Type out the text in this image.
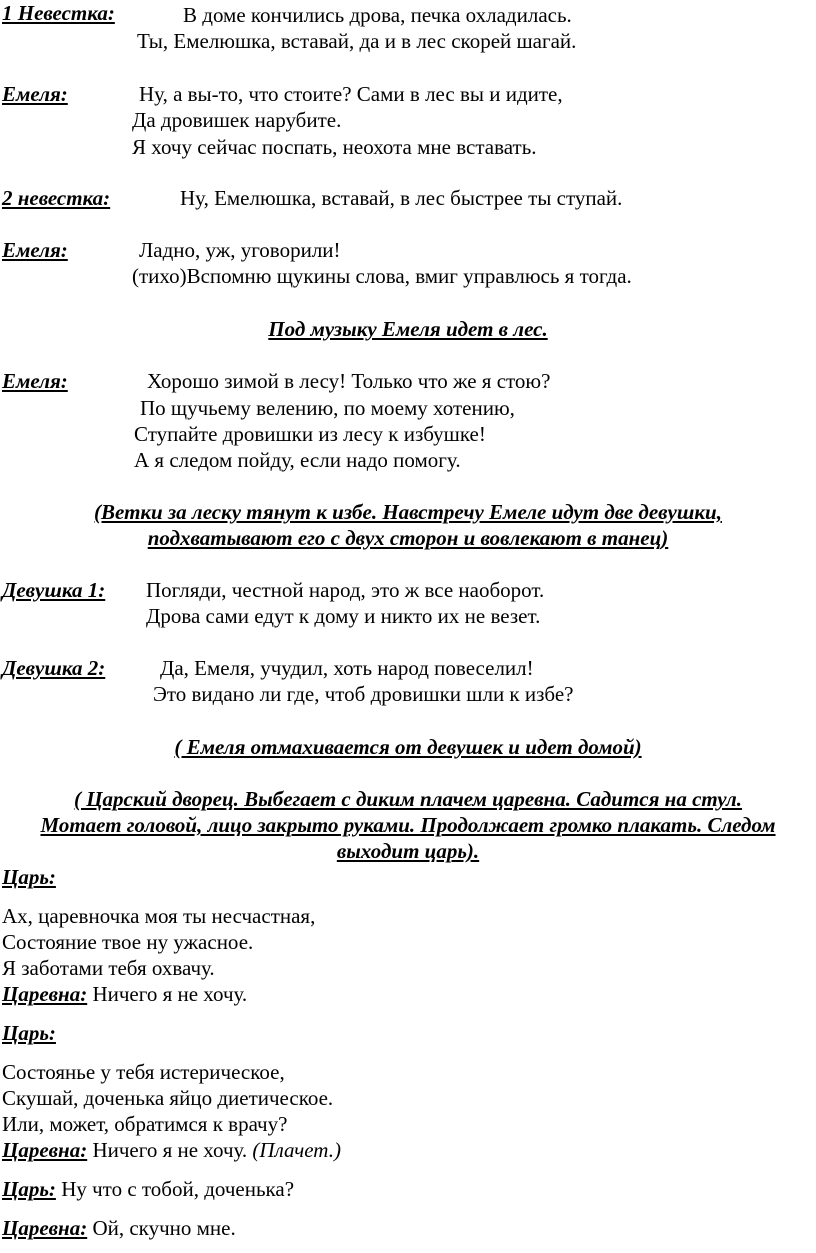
1 Невестка:	В доме кончились дрова, печка охладилась.
Ты, Емелюшка, вставай, да и в лес скорей шагай.
Емеля:	Ну, а вы-то, что стоите? Сами в лес вы и идите,
Да дровишек нарубите.
Я хочу сейчас поспать, неохота мне вставать.
2 невестка:	Ну, Емелюшка, вставай, в лес быстрее ты ступай.
Емеля:	Ладно, уж, уговорили!
(тихо)Вспомню щукины слова, вмиг управлюсь я тогда.
Под музыку Емеля идет в лес.
Емеля:	Хорошо зимой в лесу! Только что же я стою?
По щучьему велению, по моему хотению,
Ступайте дровишки из лесу к избушке!
А я следом пойду, если надо помогу.
(Ветки за леску тянут к избе. Навстречу Емеле идут две девушки,
подхватывают его с двух сторон и вовлекают в танец)
Девушка 1: Погляди, честной народ, это ж все наоборот.
Дрова сами едут к дому и никто их не везет.
Девушка 2:	Да, Емеля, учудил, хоть народ повеселил!
Это видано ли где, чтоб дровишки шли к избе?
( Емеля отмахивается от девушек и идет домой)
( Царский дворец. Выбегает с диким плачем царевна. Садится на стул.
Мотает головой, лицо закрыто руками. Продолжает громко плакать. Следом
выходит царь).
Царь:
Ах, царевночка моя ты несчастная,
Состояние твое ну ужасное.
Я заботами тебя охвачу.
Царевна: Ничего я не хочу.
Царь:
Состоянье у тебя истерическое,
Скушай, доченька яйцо диетическое.
Или, может, обратимся к врачу?
Царевна: Ничего я не хочу. (Плачет.)
Царь: Ну что с тобой, доченька?
Царевна: Ой, скучно мне.
